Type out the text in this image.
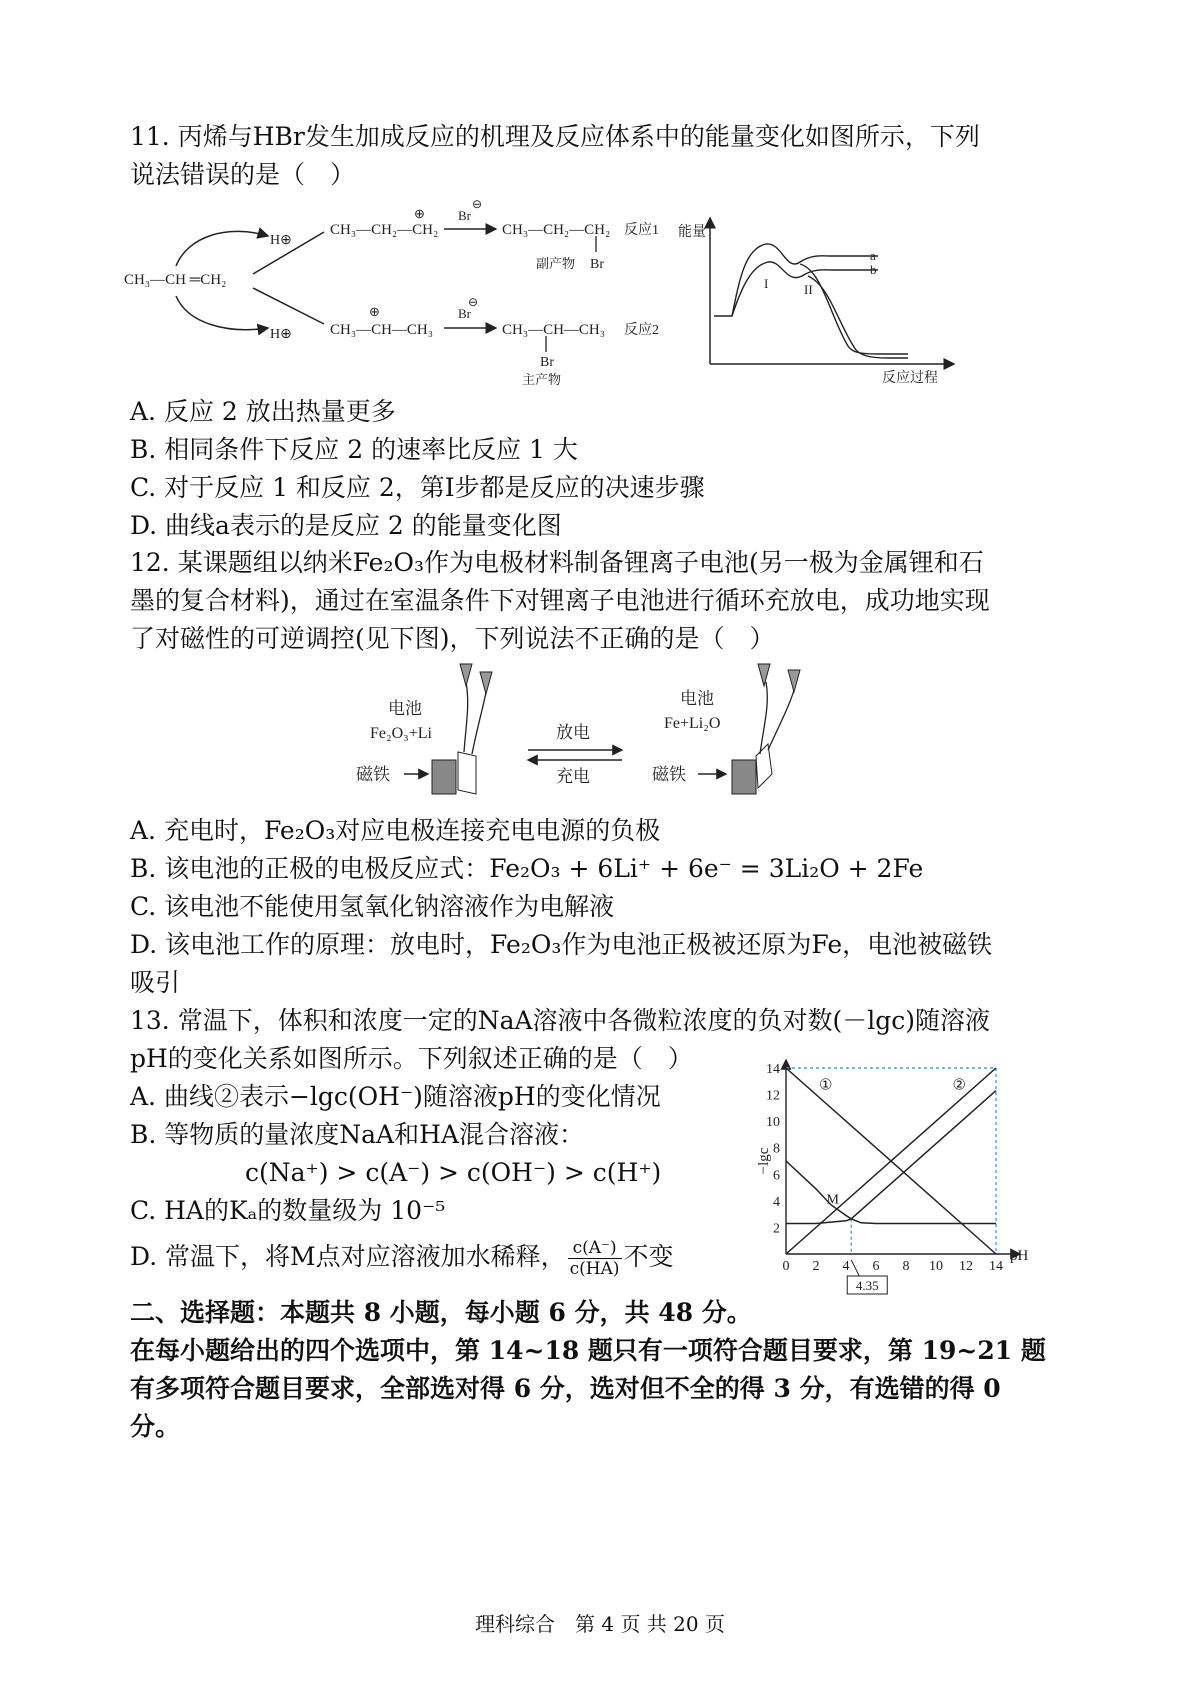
11. 丙烯与HBr发生加成反应的机理及反应体系中的能量变化如图所示，下列
说法错误的是（　）
CH₃—CH ═CH₂
H⊕
H⊕
CH₃—CH₂—CH₂
⊕	Br
⊖
CH₃—CH₂—CH₂
Br
副产物
反应1
CH₃—CH—CH₃
⊕	Br
⊖
CH₃—CH—CH₃
Br
主产物
反应2
能量
反应过程
a
b
I	II
A. 反应 2 放出热量更多
B. 相同条件下反应 2 的速率比反应 1 大
C. 对于反应 1 和反应 2，第I步都是反应的决速步骤
D. 曲线a表示的是反应 2 的能量变化图
12. 某课题组以纳米Fe₂O₃作为电极材料制备锂离子电池(另一极为金属锂和石
墨的复合材料)，通过在室温条件下对锂离子电池进行循环充放电，成功地实现
了对磁性的可逆调控(见下图)，下列说法不正确的是（　）
电池
Fe₂O₃+Li
磁铁
放电
充电
电池
Fe+Li₂O
磁铁
A. 充电时，Fe₂O₃对应电极连接充电电源的负极
B. 该电池的正极的电极反应式：Fe₂O₃ + 6Li⁺ + 6e⁻ = 3Li₂O + 2Fe
C. 该电池不能使用氢氧化钠溶液作为电解液
D. 该电池工作的原理：放电时，Fe₂O₃作为电池正极被还原为Fe，电池被磁铁
吸引
13. 常温下，体积和浓度一定的NaA溶液中各微粒浓度的负对数(－lgc)随溶液
pH的变化关系如图所示。下列叙述正确的是（　）
A. 曲线②表示−lgc(OH⁻)随溶液pH的变化情况
B. 等物质的量浓度NaA和HA混合溶液：
c(Na⁺) > c(A⁻) > c(OH⁻) > c(H⁺)
C. HA的Kₐ的数量级为 10⁻⁵
D. 常温下，将M点对应溶液加水稀释， $\frac{c(A^-)}{c(HA)}$ 不变	0 2 4 6 8 10 12 14
2
4
6
8
10
12
14
pH
−lgc
①	②
M
4.35
二、选择题：本题共 8 小题，每小题 6 分，共 48 分。
在每小题给出的四个选项中，第 14~18 题只有一项符合题目要求，第 19~21 题
有多项符合题目要求，全部选对得 6 分，选对但不全的得 3 分，有选错的得 0
分。
理科综合　第 4 页 共 20 页
